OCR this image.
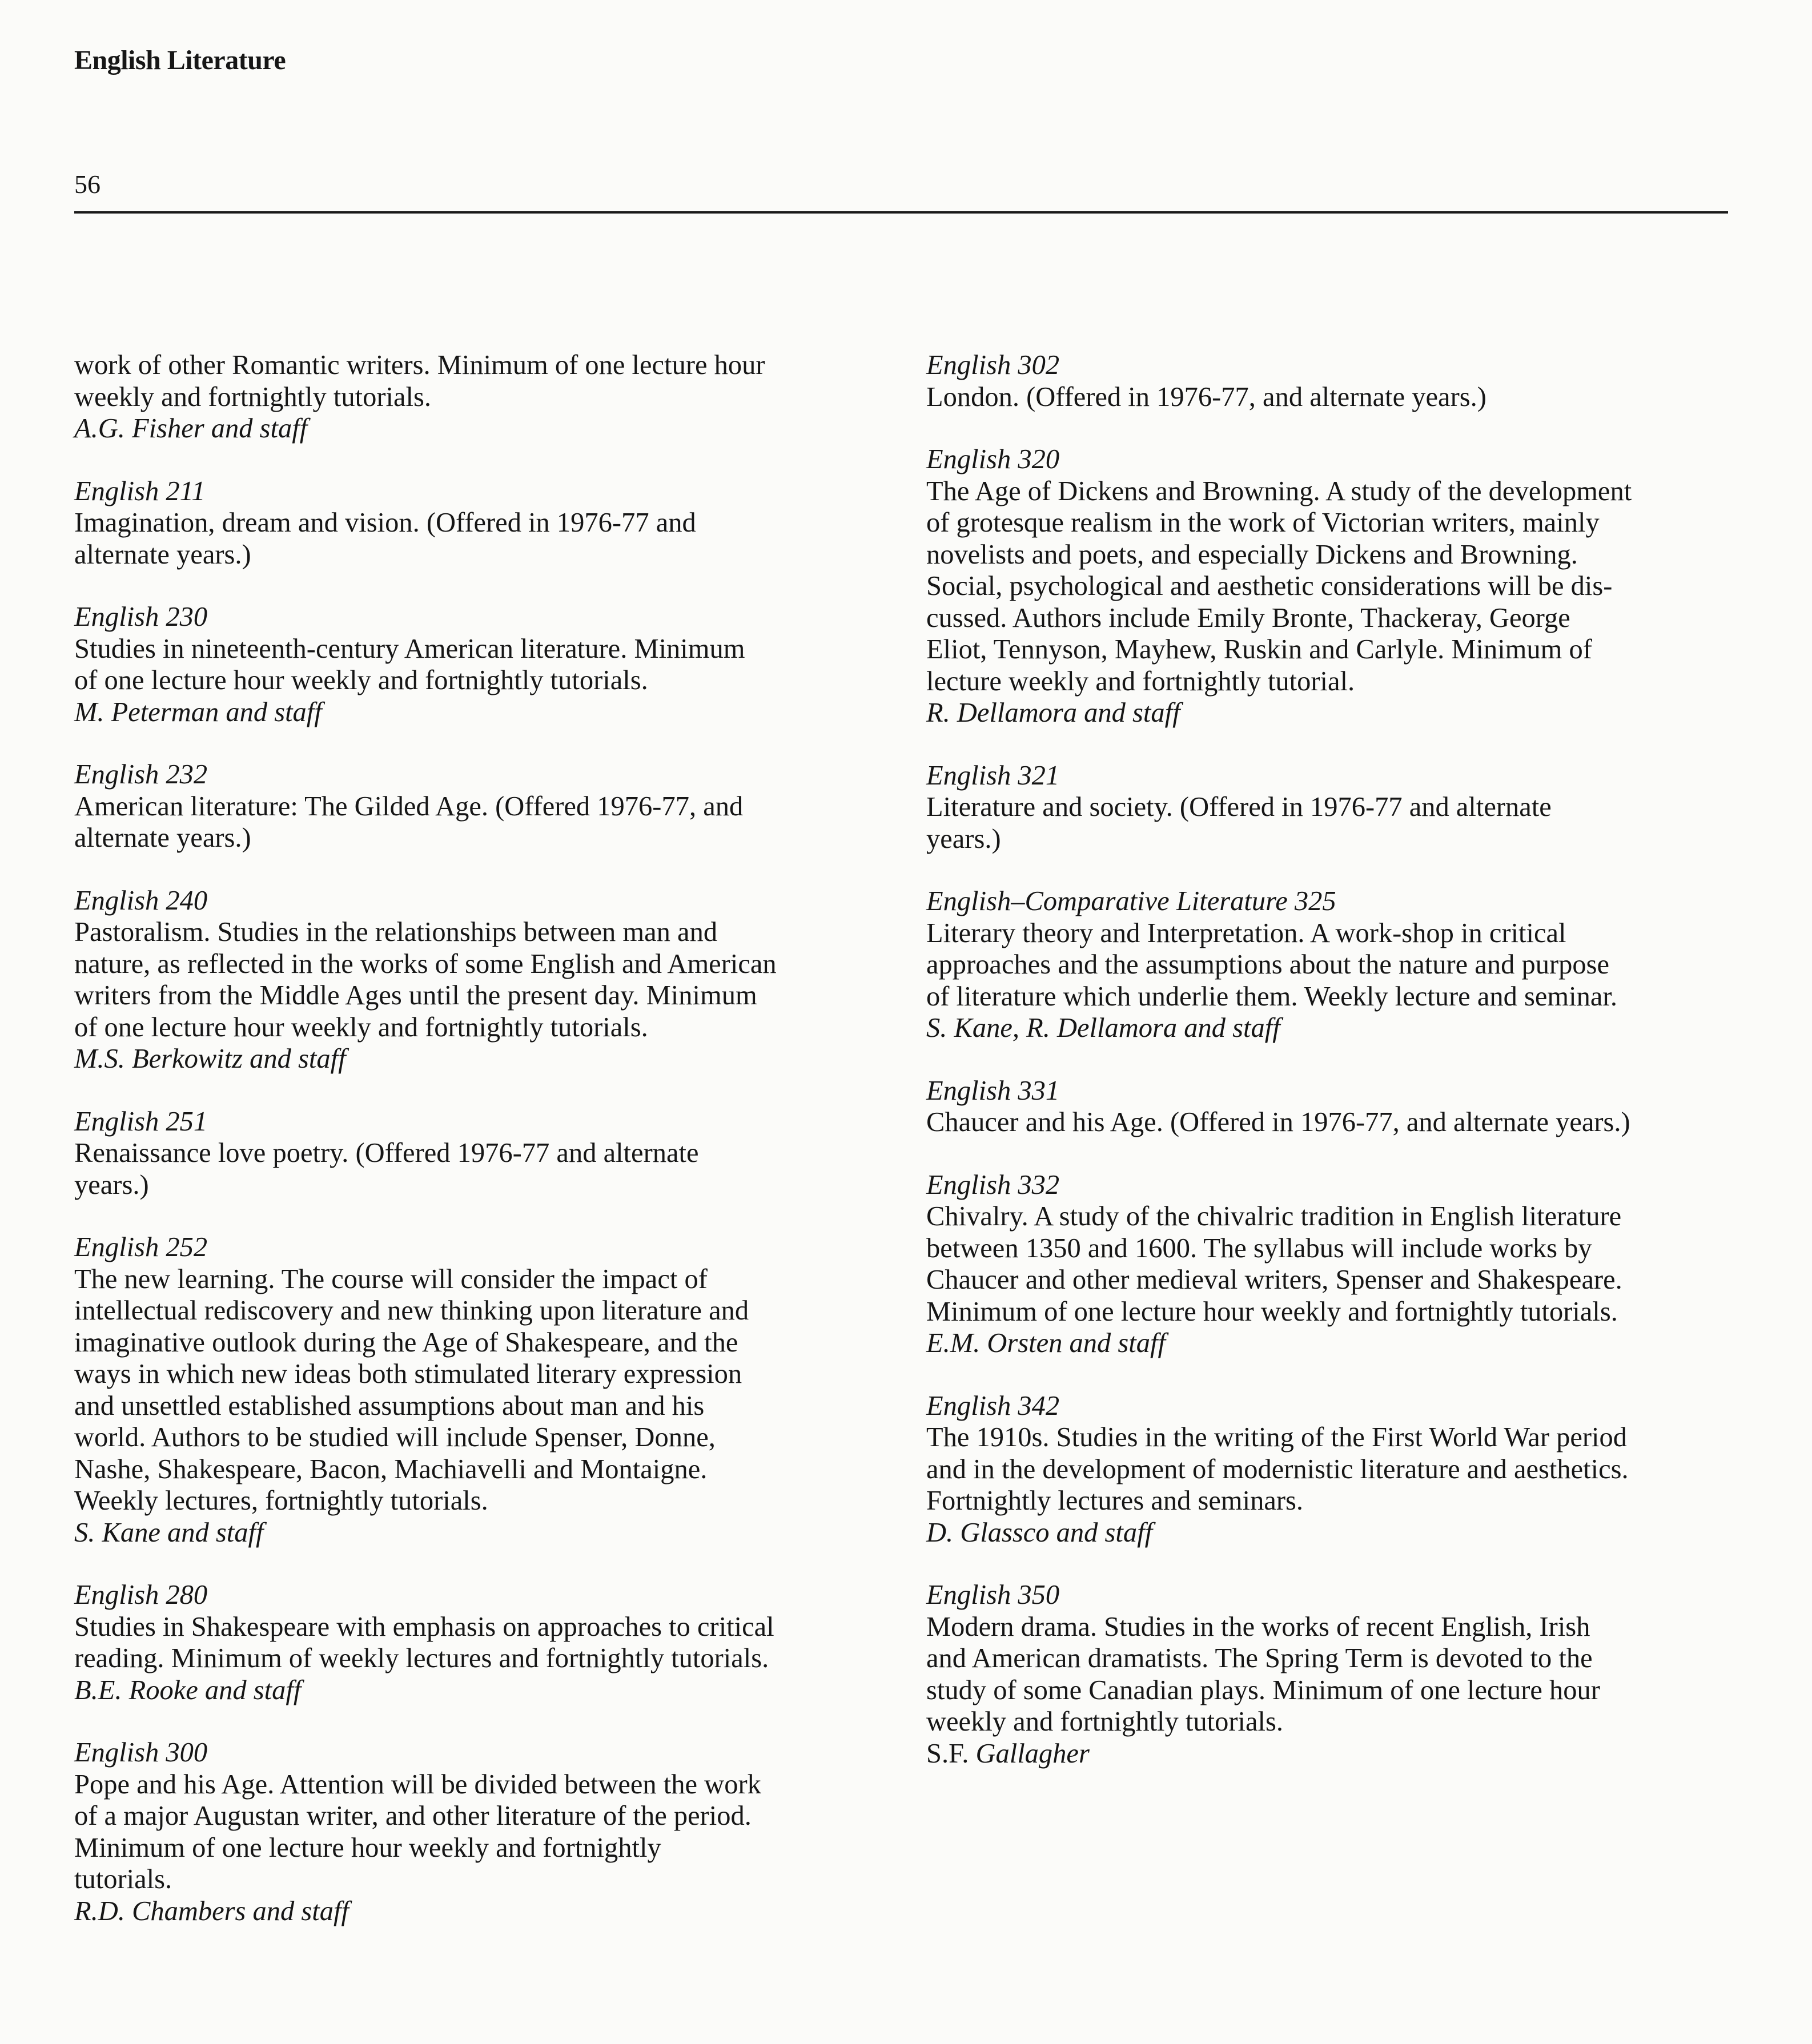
English Literature
56
work of other Romantic writers. Minimum of one lecture hour
weekly and fortnightly tutorials.
A.G. Fisher and staff
English 211
Imagination, dream and vision. (Offered in 1976-77 and
alternate years.)
English 230
Studies in nineteenth-century American literature. Minimum
of one lecture hour weekly and fortnightly tutorials.
M. Peterman and staff
English 232
American literature: The Gilded Age. (Offered 1976-77, and
alternate years.)
English 240
Pastoralism. Studies in the relationships between man and
nature, as reflected in the works of some English and American
writers from the Middle Ages until the present day. Minimum
of one lecture hour weekly and fortnightly tutorials.
M.S. Berkowitz and staff
English 251
Renaissance love poetry. (Offered 1976-77 and alternate
years.)
English 252
The new learning. The course will consider the impact of
intellectual rediscovery and new thinking upon literature and
imaginative outlook during the Age of Shakespeare, and the
ways in which new ideas both stimulated literary expression
and unsettled established assumptions about man and his
world. Authors to be studied will include Spenser, Donne,
Nashe, Shakespeare, Bacon, Machiavelli and Montaigne.
Weekly lectures, fortnightly tutorials.
S. Kane and staff
English 280
Studies in Shakespeare with emphasis on approaches to critical
reading. Minimum of weekly lectures and fortnightly tutorials.
B.E. Rooke and staff
English 300
Pope and his Age. Attention will be divided between the work
of a major Augustan writer, and other literature of the period.
Minimum of one lecture hour weekly and fortnightly
tutorials.
R.D. Chambers and staff
English 302
London. (Offered in 1976-77, and alternate years.)
English 320
The Age of Dickens and Browning. A study of the development
of grotesque realism in the work of Victorian writers, mainly
novelists and poets, and especially Dickens and Browning.
Social, psychological and aesthetic considerations will be dis-
cussed. Authors include Emily Bronte, Thackeray, George
Eliot, Tennyson, Mayhew, Ruskin and Carlyle. Minimum of
lecture weekly and fortnightly tutorial.
R. Dellamora and staff
English 321
Literature and society. (Offered in 1976-77 and alternate
years.)
English–Comparative Literature 325
Literary theory and Interpretation. A work-shop in critical
approaches and the assumptions about the nature and purpose
of literature which underlie them. Weekly lecture and seminar.
S. Kane, R. Dellamora and staff
English 331
Chaucer and his Age. (Offered in 1976-77, and alternate years.)
English 332
Chivalry. A study of the chivalric tradition in English literature
between 1350 and 1600. The syllabus will include works by
Chaucer and other medieval writers, Spenser and Shakespeare.
Minimum of one lecture hour weekly and fortnightly tutorials.
E.M. Orsten and staff
English 342
The 1910s. Studies in the writing of the First World War period
and in the development of modernistic literature and aesthetics.
Fortnightly lectures and seminars.
D. Glassco and staff
English 350
Modern drama. Studies in the works of recent English, Irish
and American dramatists. The Spring Term is devoted to the
study of some Canadian plays. Minimum of one lecture hour
weekly and fortnightly tutorials.
S.F. Gallagher
